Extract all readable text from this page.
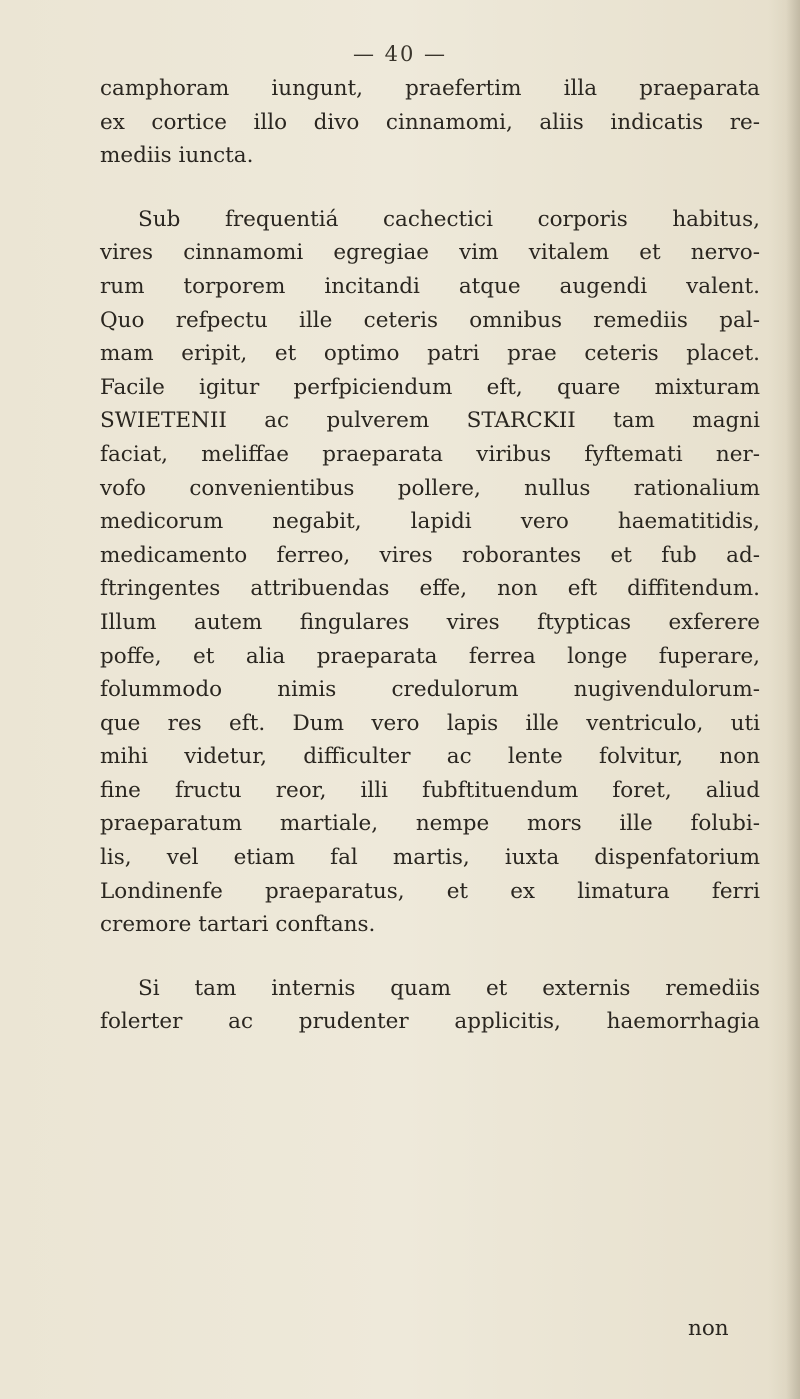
— 40 —
camphoram iungunt, praefertim illa praeparata
ex cortice illo divo cinnamomi, aliis indicatis re-
mediis iuncta.
Sub frequentiá cachectici corporis habitus,
vires cinnamomi egregiae vim vitalem et nervo-
rum torporem incitandi atque augendi valent.
Quo refpectu ille ceteris omnibus remediis pal-
mam eripit, et optimo patri prae ceteris placet.
Facile igitur perfpiciendum eft, quare mixturam
SWIETENII ac pulverem STARCKII tam magni
faciat, meliffae praeparata viribus fyftemati ner-
vofo convenientibus pollere, nullus rationalium
medicorum negabit, lapidi vero haematitidis,
medicamento ferreo, vires roborantes et fub ad-
ftringentes attribuendas effe, non eft diffitendum.
Illum autem fingulares vires ftypticas exferere
poffe, et alia praeparata ferrea longe fuperare,
folummodo nimis credulorum nugivendulorum-
que res eft. Dum vero lapis ille ventriculo, uti
mihi videtur, difficulter ac lente folvitur, non
fine fructu reor, illi fubftituendum foret, aliud
praeparatum martiale, nempe mors ille folubi-
lis, vel etiam fal martis, iuxta dispenfatorium
Londinenfe praeparatus, et ex limatura ferri
cremore tartari conftans.
Si tam internis quam et externis remediis
folerter ac prudenter applicitis, haemorrhagia
non
